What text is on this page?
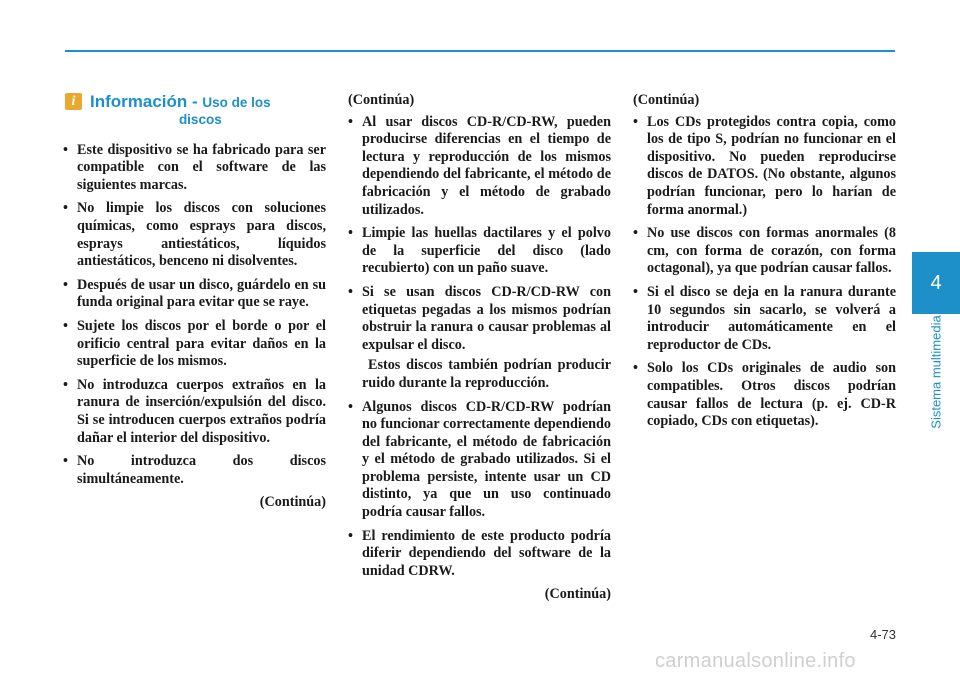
4
Sistema multimedia
i Información - Uso de los
discos
• Este dispositivo se ha fabricado para ser compatible con el software de las siguientes marcas.
• No limpie los discos con soluciones químicas, como esprays para discos, esprays antiestáticos, líquidos antiestáticos, benceno ni disolventes.
• Después de usar un disco, guárdelo en su funda original para evitar que se raye.
• Sujete los discos por el borde o por el orificio central para evitar daños en la superficie de los mismos.
• No introduzca cuerpos extraños en la ranura de inserción/expulsión del disco. Si se introducen cuerpos extraños podría dañar el interior del dispositivo.
• No introduzca dos discos simultáneamente.
(Continúa)
(Continúa)
• Al usar discos CD-R/CD-RW, pueden producirse diferencias en el tiempo de lectura y reproducción de los mismos dependiendo del fabricante, el método de fabricación y el método de grabado utilizados.
• Limpie las huellas dactilares y el polvo de la superficie del disco (lado recubierto) con un paño suave.
• Si se usan discos CD-R/CD-RW con etiquetas pegadas a los mismos podrían obstruir la ranura o causar problemas al expulsar el disco.
Estos discos también podrían producir ruido durante la reproducción.
• Algunos discos CD-R/CD-RW podrían no funcionar correctamente dependiendo del fabricante, el método de fabricación y el método de grabado utilizados. Si el problema persiste, intente usar un CD distinto, ya que un uso continuado podría causar fallos.
• El rendimiento de este producto podría diferir dependiendo del software de la unidad CDRW.
(Continúa)
(Continúa)
• Los CDs protegidos contra copia, como los de tipo S, podrían no funcionar en el dispositivo. No pueden reproducirse discos de DATOS. (No obstante, algunos podrían funcionar, pero lo harían de forma anormal.)
• No use discos con formas anormales (8 cm, con forma de corazón, con forma octagonal), ya que podrían causar fallos.
• Si el disco se deja en la ranura durante 10 segundos sin sacarlo, se volverá a introducir automáticamente en el reproductor de CDs.
• Solo los CDs originales de audio son compatibles. Otros discos podrían causar fallos de lectura (p. ej. CD-R copiado, CDs con etiquetas).
4-73
carmanualsonline.info
